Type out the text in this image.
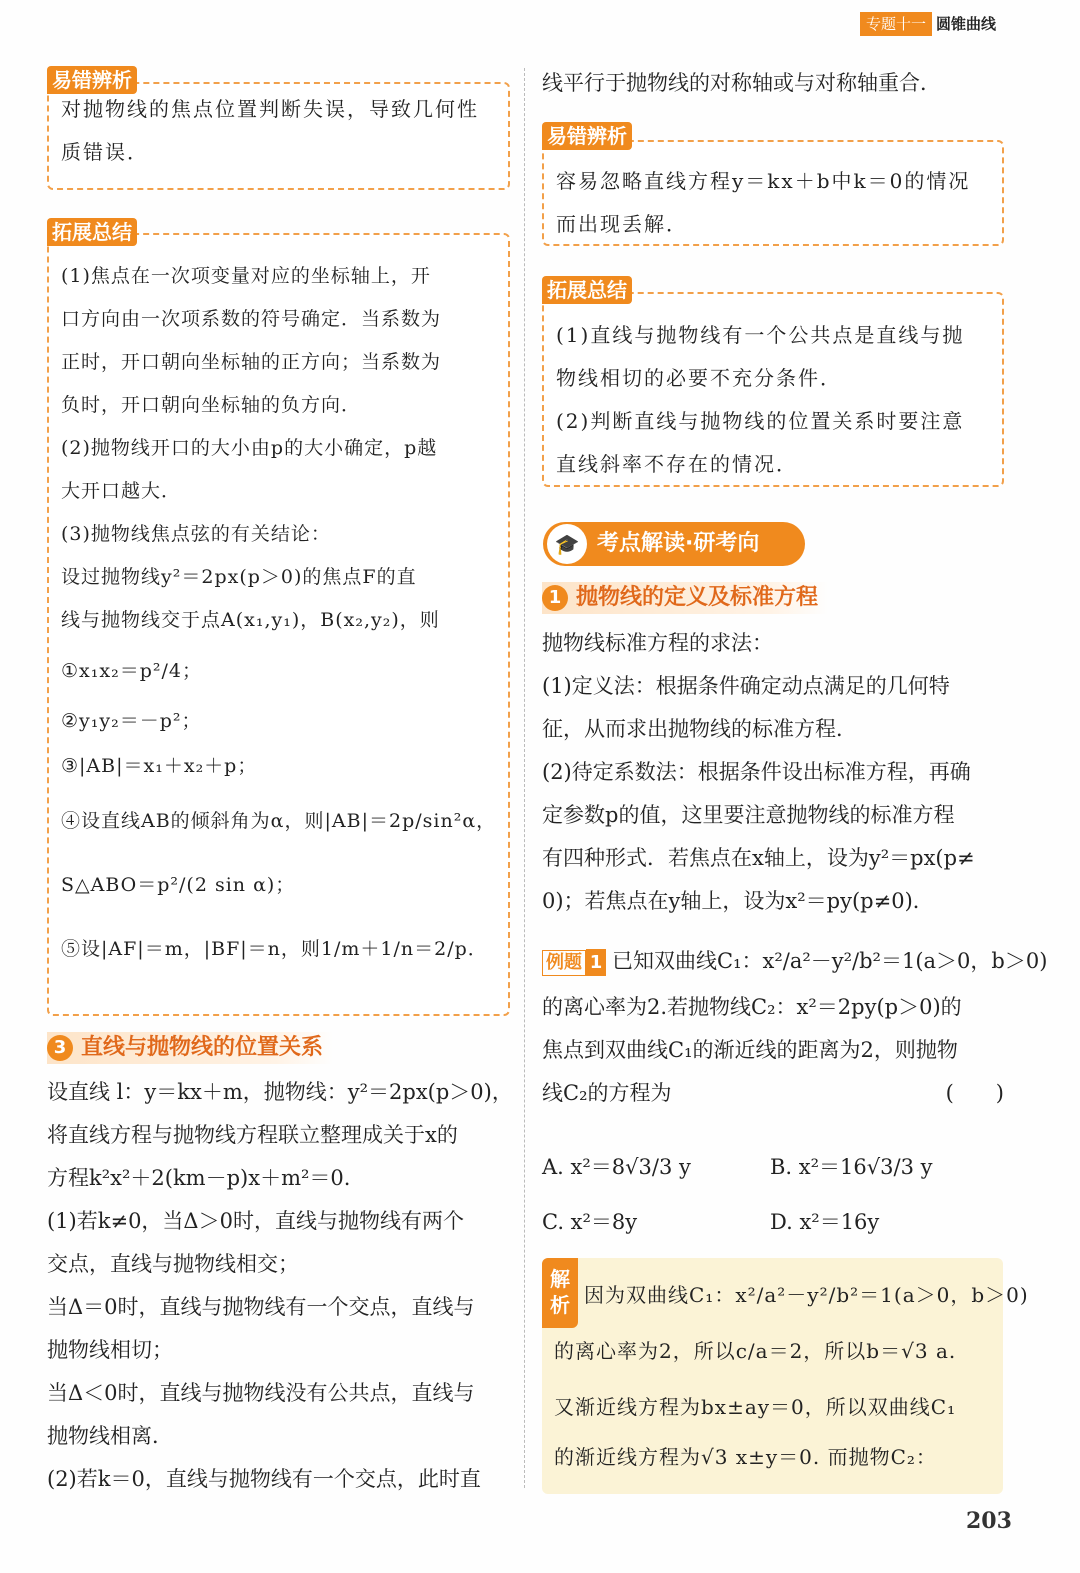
专题十一 圆锥曲线
对抛物线的焦点位置判断失误，导致几何性
质错误．
易错辨析
(1)焦点在一次项变量对应的坐标轴上，开
口方向由一次项系数的符号确定．当系数为
正时，开口朝向坐标轴的正方向；当系数为
负时，开口朝向坐标轴的负方向．
(2)抛物线开口的大小由p的大小确定，p越
大开口越大．
(3)抛物线焦点弦的有关结论：
设过抛物线y²＝2px(p＞0)的焦点F的直
线与抛物线交于点A(x₁,y₁)，B(x₂,y₂)，则
①x₁x₂＝p²/4；
②y₁y₂＝－p²；
③|AB|＝x₁＋x₂＋p；
④设直线AB的倾斜角为α，则|AB|＝2p/sin²α，
S△ABO＝p²/(2 sin α)；
⑤设|AF|＝m，|BF|＝n，则1/m＋1/n＝2/p．
拓展总结
3 直线与抛物线的位置关系
设直线 l：y＝kx＋m，抛物线：y²＝2px(p＞0)，
将直线方程与抛物线方程联立整理成关于x的
方程k²x²＋2(km－p)x＋m²＝0.
(1)若k≠0，当Δ＞0时，直线与抛物线有两个
交点，直线与抛物线相交；
当Δ＝0时，直线与抛物线有一个交点，直线与
抛物线相切；
当Δ＜0时，直线与抛物线没有公共点，直线与
抛物线相离．
(2)若k＝0，直线与抛物线有一个交点，此时直
线平行于抛物线的对称轴或与对称轴重合．
容易忽略直线方程y＝kx＋b中k＝0的情况
而出现丢解．
易错辨析
(1)直线与抛物线有一个公共点是直线与抛
物线相切的必要不充分条件．
(2)判断直线与抛物线的位置关系时要注意
直线斜率不存在的情况．
拓展总结
🎓 考点解读·研考向
1 抛物线的定义及标准方程
抛物线标准方程的求法：
(1)定义法：根据条件确定动点满足的几何特
征，从而求出抛物线的标准方程．
(2)待定系数法：根据条件设出标准方程，再确
定参数p的值，这里要注意抛物线的标准方程
有四种形式．若焦点在x轴上，设为y²＝px(p≠
0)；若焦点在y轴上，设为x²＝py(p≠0)．
例题 1 已知双曲线C₁：x²/a²－y²/b²＝1(a＞0，b＞0)
的离心率为2.若抛物线C₂：x²＝2py(p＞0)的
焦点到双曲线C₁的渐近线的距离为2，则抛物
线C₂的方程为	(　　)
A. x²＝8√3/3 y	B. x²＝16√3/3 y
C. x²＝8y	D. x²＝16y
解析 因为双曲线C₁：x²/a²－y²/b²＝1(a＞0，b＞0)
的离心率为2，所以c/a＝2，所以b＝√3 a.
又渐近线方程为bx±ay＝0，所以双曲线C₁
的渐近线方程为√3 x±y＝0. 而抛物C₂：
203
